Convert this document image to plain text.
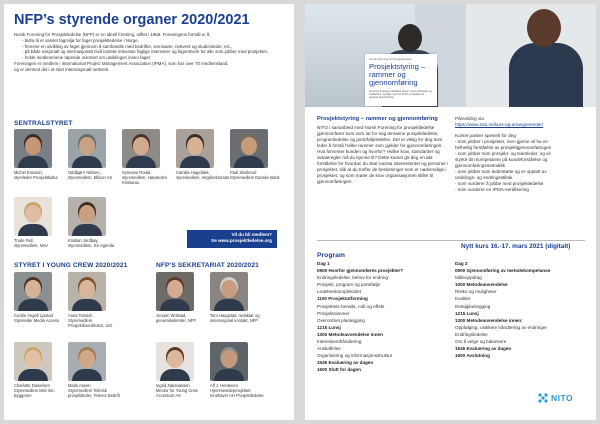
NFP’s styrende organer 2020/2021
Norsk Forening for Prosjektledelse (NFP) er en ideell forening, stiftet i 1968. Foreningens formål er å:
- bidra til et samlet fagmiljø for faget prosjektledelse i Norge,
- fremme en utvikling av faget gjennom å samhandle med bedrifter, seminarer, nettverk og studiesteder, etc.,
- på både nasjonalt og internasjonalt nivå ivareta relevante faglige interesser og fagnettverk for alle som jobber med prosjekter,
- holde medlemmene løpende orientert om utviklingen innen faget

Foreningen er medlem i International Project Management Association (IPMA), som har over 70 medlemsland,

og er dermed del i et stort internasjonalt nettverk.

SENTRALSTYRET
Michel Ennasiri,
styreleder Prosjektkultur
Oddbjørn Nilssen,
styremedlem, Ellison AS
Synnøve Rodal,
styremedlem, Høyskolen Kristiania
Camilla Hagebæk,
styremedlem, Vegdirektoratet
Paal Skullerud
Styremedlem Danske Bank
Trude Føll,
styremedlem, NAV
Kristian Jordbøy,
styremedlem, KS Agenda
Vil du bli medlem?
Se www.prosjektledelse.org
STYRET I YOUNG CREW 2020/2021	NFP’S SEKRETARIAT 2020/2021
Cecilie Angell Ljostad
Styreleder Media Access
Anna Torwick
Styremedlem Prosjektkoordinator, UiO
Charlotte Danielsen
Styremedlem Mini min Byggeren
Mads Aasen
Styremedlem Teknisk prosjektleder, Telenor Bedrift
Jonunn Wolstad,
generalsekretær, NFP
Tom Haugstad, redaktør og
internasjonal kontakt, NFP
Ingrid Zakariassen
Mentor for Young Crew Accenture AS
Alf J. Hentenes
Hjemmesideprosjektet Innehaver AH Prosjektledelse
Norsk Forening for Prosjektledelse
Prosjektstyring – rammer og gjennomføring
Du lærer å skape realistiske planer, styre kostnader og usikkerhet, og følge opp fremdrift i prosjektet fra oppstart til avslutning.
Prosjektstyring – rammer og gjennomføring
NITO i samarbeid med Norsk Forening for prosjektledelse gjennomfører kurs som tar for seg temaene prosjektledelse, programledelse og porteføljeledelse. Det er viktig for deg som leder å forstå hvilke rammer som gjelder for gjennomføringen. Hva forventer kunden og hvorfor? Hvilke krav, standarder og avtaleregler må du kjenne til? Dette kurset gir deg en økt forståelse for hvordan du skal ivareta interessenter og personer i prosjektet, slik at du treffer de beslutninger som er nødvendige i prosjektet, og som møter de krav organisasjonen stiller til gjennomføringen.
Påmelding via
https://www.nito.no/kurs-og-arrangementer/
Kurset passer spesielt for deg
- som jobber i prosjekter, men gjerne vil ha en
helhetlig forståelse av prosjektgjennomføringen
- som jobber som prosjekt- og teamleder, og vil
styrke din kompetanse på kundeforståelse og
gjennomføringsmetodikk
- som jobber som lederstøtte og er opptatt av
utviklings- og endringsstiltak
- som vurderer å jobbe med prosjektledelse
- som vurderer en IPMA-sertifisering
Nytt kurs 16.-17. mars 2021 (digitalt)
Program
Dag 1
0900 Hvorfor gjennomføres prosjekter?
Endringsledelse, behov for endring
Prosjekt, program og portefølje
Ledelseskompleksitet
1100 Prosjektutforming
Prosjektets hensikt, mål og effekt
Prosjektrammer
Overordnet planlegging
1215 Lunsj
1300 Metodeavvendelse innen
Interessenthåndtering
Anskaffelse
Organisering og informasjonsstruktur
1545 Evaluering av dagen
1600 Slutt for dagen
Dag 2
0900 Gjennomføring av metodekompetanse
Måleoppdrag
1000 Metodeanvendelse
Risiko og muligheter
Kvalitet
Detaljplanlegging
1215 Lunsj
1300 Metodeanvendelse innen:
Oppfølging, usikkere håndtering av endringer
Endringsledelse
Om å velge og balansere
1545 Evaluering av dagen
1600 Avslutning
NITO
